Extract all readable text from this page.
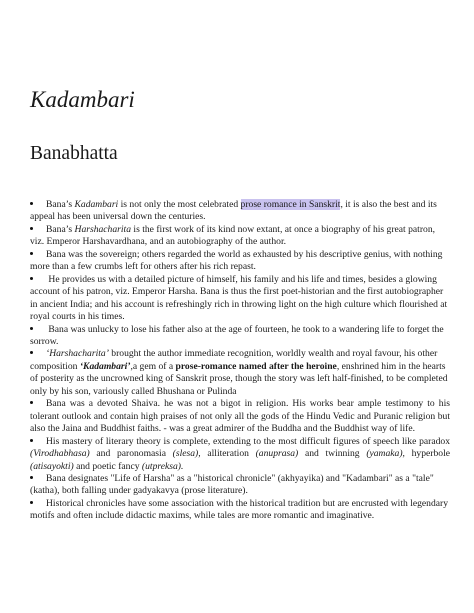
Kadambari
Banabhatta

Bana’s Kadambari is not only the most celebrated prose romance in Sanskrit, it is also the best and its appeal has been universal down the centuries.

Bana’s Harshacharita is the first work of its kind now extant, at once a biography of his great patron, viz. Emperor Harshavardhana, and an autobiography of the author.

Bana was the sovereign; others regarded the world as exhausted by his descriptive genius, with nothing more than a few crumbs left for others after his rich repast.

He provides us with a detailed picture of himself, his family and his life and times, besides a glowing account of his patron, viz. Emperor Harsha. Bana is thus the first poet-historian and the first autobiographer in ancient India; and his account is refreshingly rich in throwing light on the high culture which flourished at royal courts in his times.

Bana was unlucky to lose his father also at the age of fourteen, he took to a wandering life to forget the sorrow.

‘Harshacharita’ brought the author immediate recognition, worldly wealth and royal favour, his other composition ‘Kadambari’,a gem of a prose-romance named after the heroine, enshrined him in the hearts of posterity as the uncrowned king of Sanskrit prose, though the story was left half-finished, to be completed only by his son, variously called Bhushana or Pulinda

Bana was a devoted Shaiva. he was not a bigot in religion. His works bear ample testimony to his tolerant outlook and contain high praises of not only all the gods of the Hindu Vedic and Puranic religion but also the Jaina and Buddhist faiths. - was a great admirer of the Buddha and the Buddhist way of life.

His mastery of literary theory is complete, extending to the most difficult figures of speech like paradox (Virodhabhasa) and paronomasia (slesa), alliteration (anuprasa) and twinning (yamaka), hyperbole (atisayokti) and poetic fancy (utpreksa).

Bana designates "Life of Harsha" as a "historical chronicle" (akhyayika) and "Kadambari" as a "tale" (katha), both falling under gadyakavya (prose literature).

Historical chronicles have some association with the historical tradition but are encrusted with legendary motifs and often include didactic maxims, while tales are more romantic and imaginative.
